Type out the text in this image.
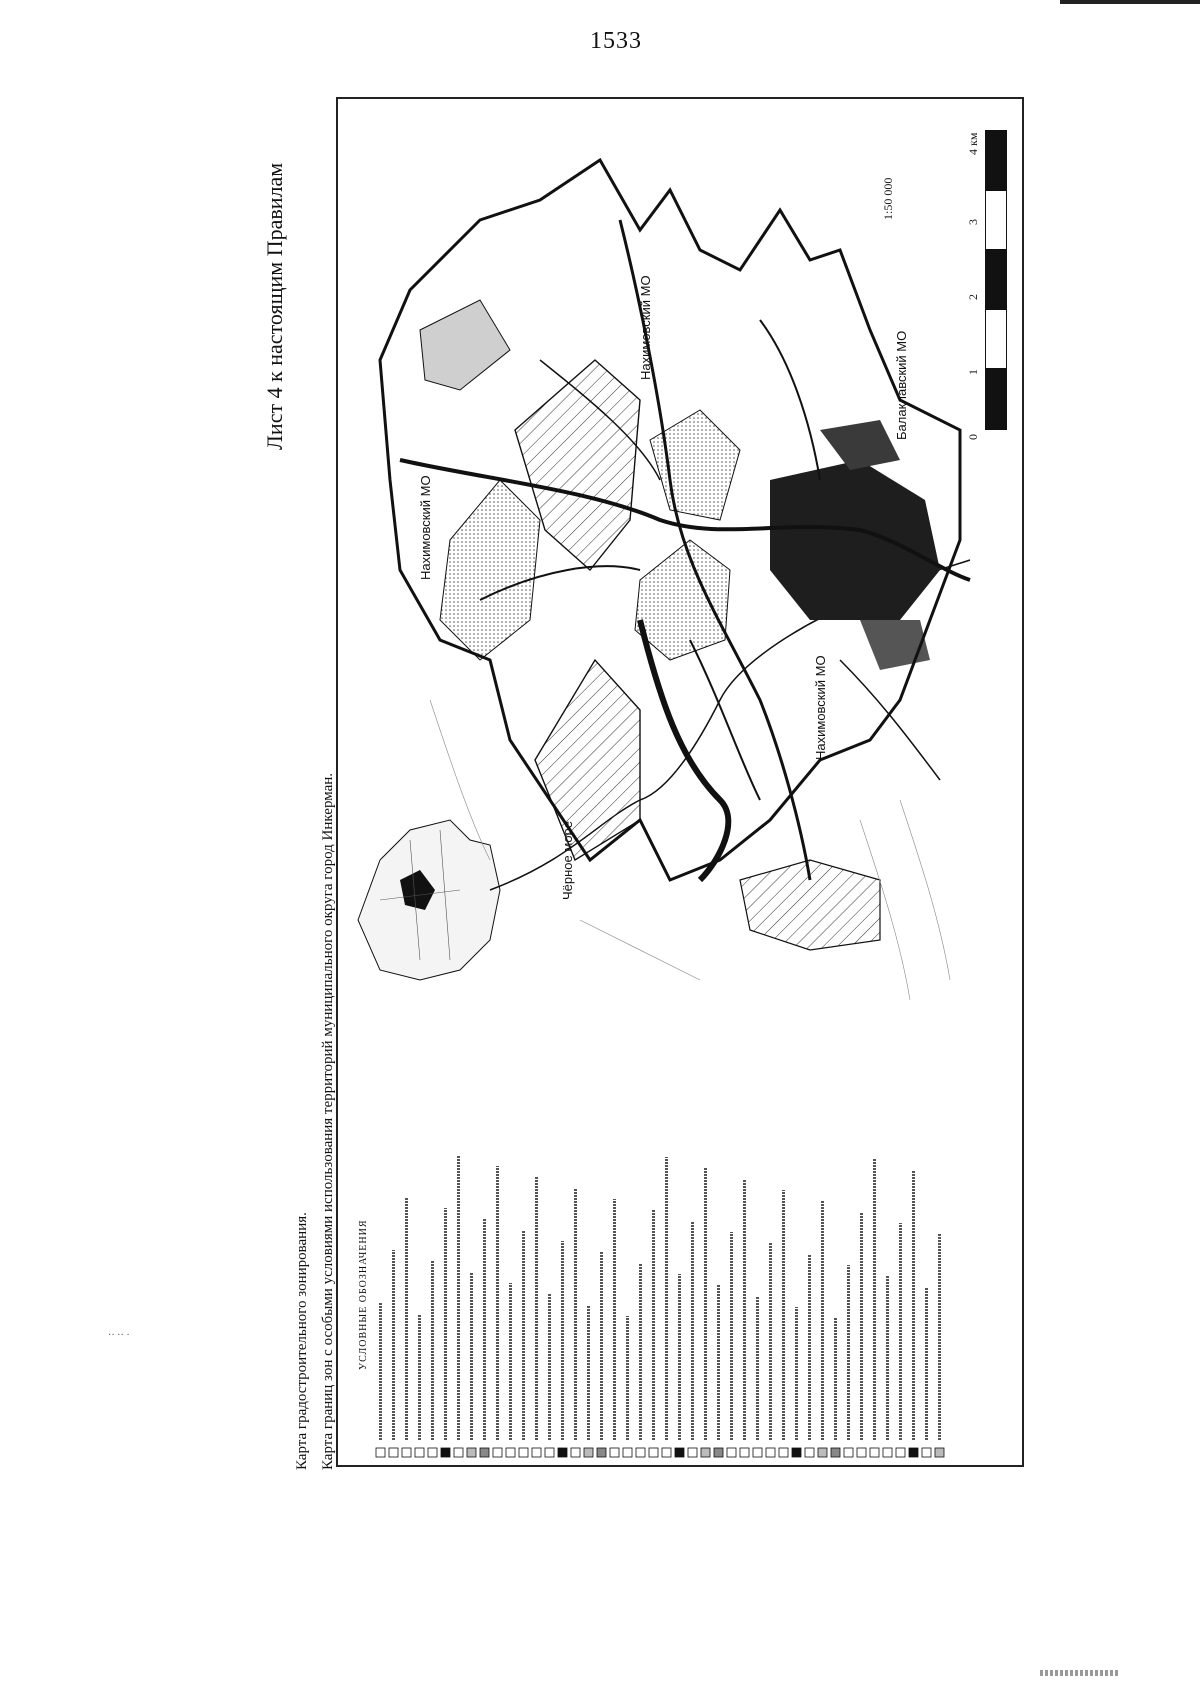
1533
Лист 4 к настоящим Правилам
Карта градостроительного зонирования. Карта границ зон с особыми условиями использования территорий муниципального округа город Инкерман. УСЛОВНЫЕ ОБОЗНАЧЕНИЯ
Нахимовский МО
Нахимовский МО
Нахимовский МО
Балаклавский МО
Чёрное море
1:50 000
0
1
2
3
4 км
·· ·· ·
